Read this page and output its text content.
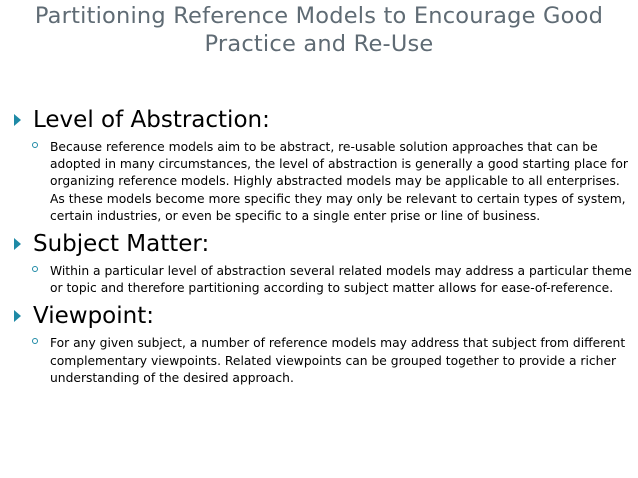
Partitioning Reference Models to Encourage Good
Practice and Re-Use
Level of Abstraction:
Because reference models aim to be abstract, re-usable solution approaches that can be adopted in many circumstances, the level of abstraction is generally a good starting place for organizing reference models. Highly abstracted models may be applicable to all enterprises. As these models become more specific they may only be relevant to certain types of system, certain industries, or even be specific to a single enter prise or line of business.
Subject Matter:
Within a particular level of abstraction several related models may address a particular theme or topic and therefore partitioning according to subject matter allows for ease-of-reference.
Viewpoint:
For any given subject, a number of reference models may address that subject from different complementary viewpoints. Related viewpoints can be grouped together to provide a richer understanding of the desired approach.
